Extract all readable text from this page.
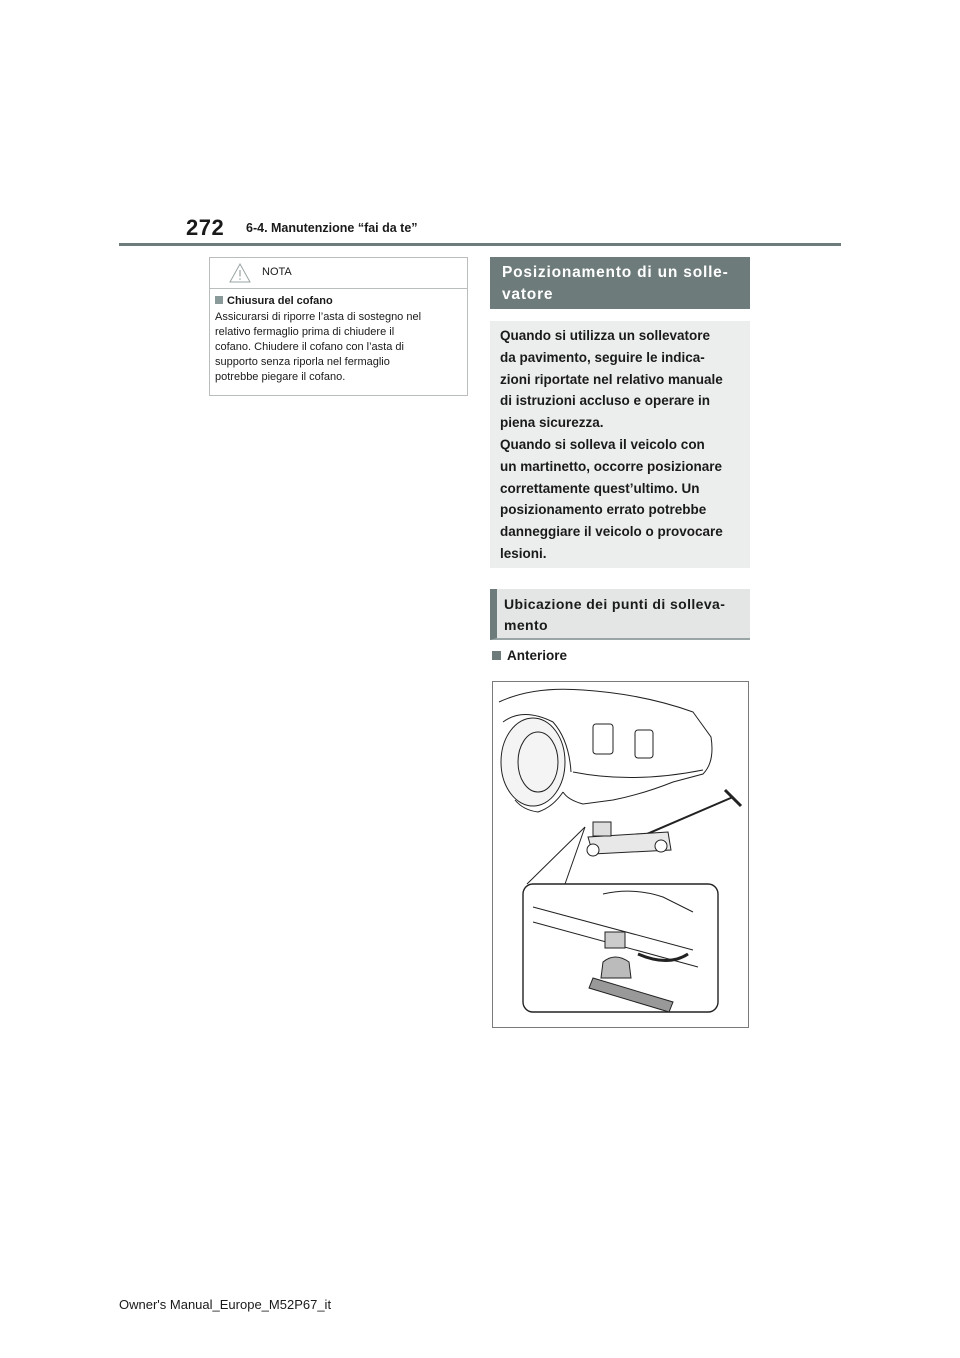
272 6-4. Manutenzione “fai da te”
NOTA
Chiusura del cofano
Assicurarsi di riporre l’asta di sostegno nel
relativo fermaglio prima di chiudere il
cofano. Chiudere il cofano con l’asta di
supporto senza riporla nel fermaglio
potrebbe piegare il cofano.
Posizionamento di un solle-
vatore
Quando si utilizza un sollevatore
da pavimento, seguire le indica-
zioni riportate nel relativo manuale
di istruzioni accluso e operare in
piena sicurezza.
Quando si solleva il veicolo con
un martinetto, occorre posizionare
correttamente quest’ultimo. Un
posizionamento errato potrebbe
danneggiare il veicolo o provocare
lesioni.
Ubicazione dei punti di solleva-
mento
Anteriore
Owner's Manual_Europe_M52P67_it
